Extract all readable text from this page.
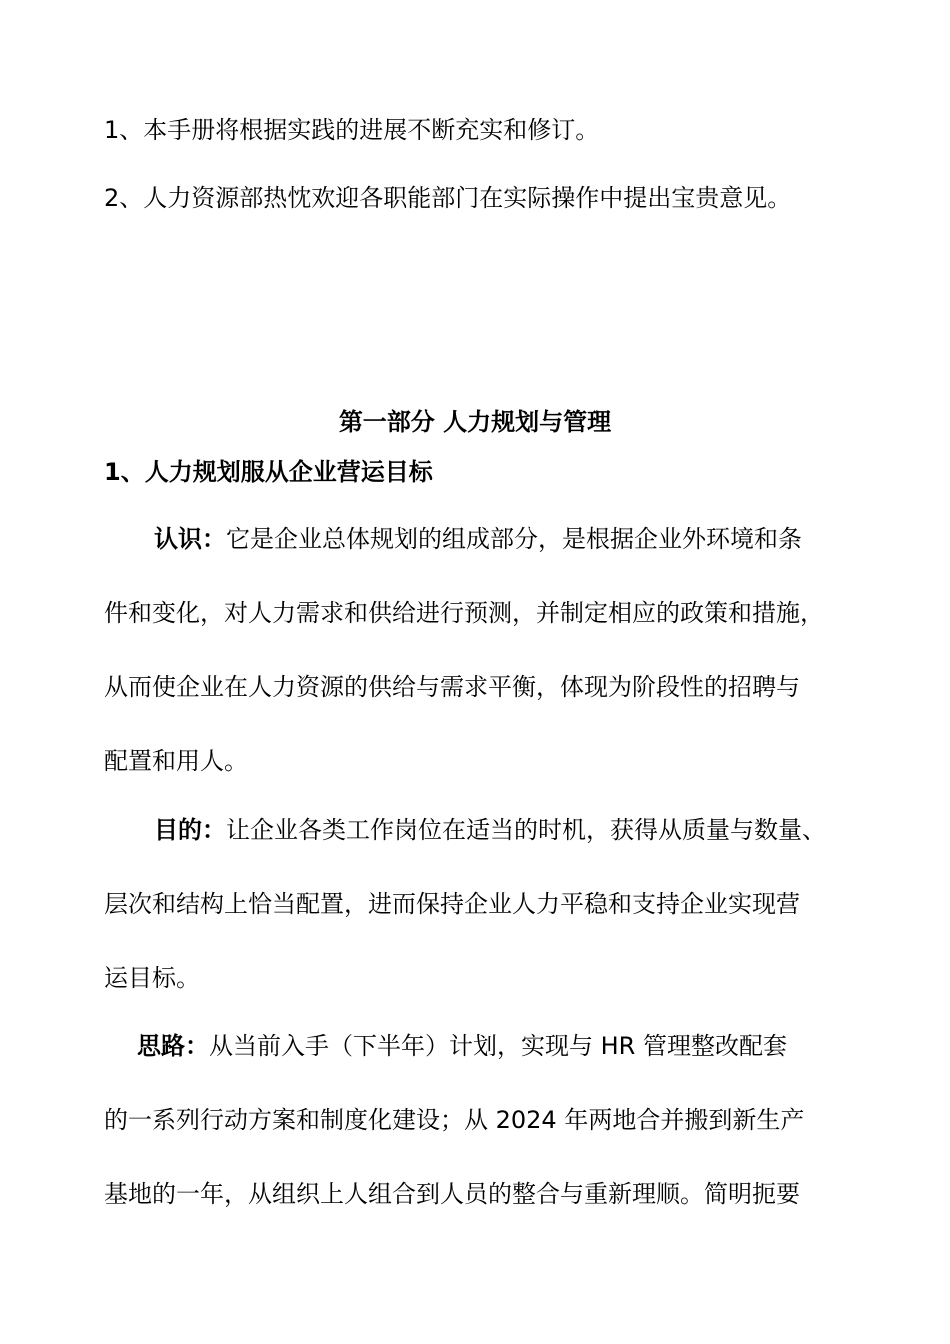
1、本手册将根据实践的进展不断充实和修订。
2、人力资源部热忱欢迎各职能部门在实际操作中提出宝贵意见。
第一部分 人力规划与管理
1、人力规划服从企业营运目标
认识：它是企业总体规划的组成部分，是根据企业外环境和条
件和变化，对人力需求和供给进行预测，并制定相应的政策和措施，
从而使企业在人力资源的供给与需求平衡，体现为阶段性的招聘与
配置和用人。
目的：让企业各类工作岗位在适当的时机，获得从质量与数量、
层次和结构上恰当配置，进而保持企业人力平稳和支持企业实现营
运目标。
思路：从当前入手（下半年）计划，实现与 HR 管理整改配套
的一系列行动方案和制度化建设；从 2024 年两地合并搬到新生产
基地的一年，从组织上人组合到人员的整合与重新理顺。简明扼要
